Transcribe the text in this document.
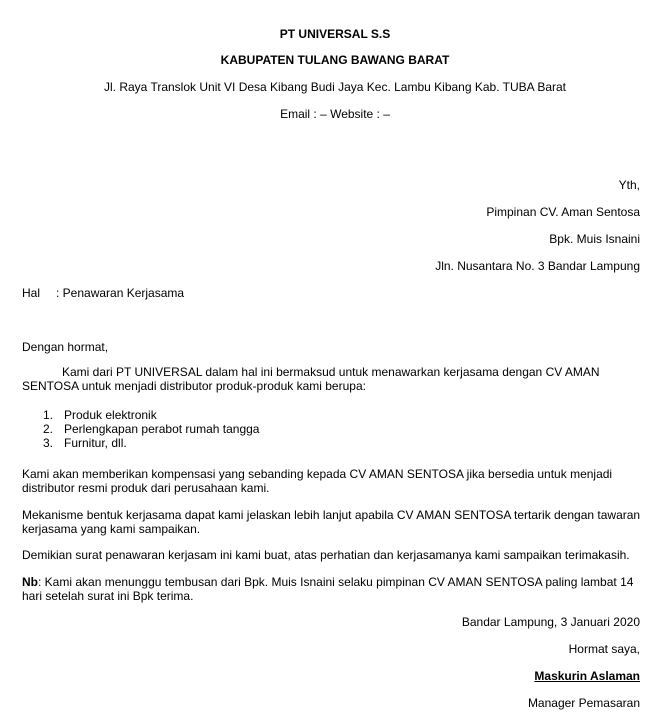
PT UNIVERSAL S.S
KABUPATEN TULANG BAWANG BARAT
Jl. Raya Translok Unit VI Desa Kibang Budi Jaya Kec. Lambu Kibang Kab. TUBA Barat
Email : – Website : –
Yth,
Pimpinan CV. Aman Sentosa
Bpk. Muis Isnaini
Jln. Nusantara No. 3 Bandar Lampung
Hal : Penawaran Kerjasama
Dengan hormat,
Kami dari PT UNIVERSAL dalam hal ini bermaksud untuk menawarkan kerjasama dengan CV AMAN
SENTOSA untuk menjadi distributor produk-produk kami berupa:
1. Produk elektronik
2. Perlengkapan perabot rumah tangga
3. Furnitur, dll.
Kami akan memberikan kompensasi yang sebanding kepada CV AMAN SENTOSA jika bersedia untuk menjadi distributor resmi produk dari perusahaan kami.
Mekanisme bentuk kerjasama dapat kami jelaskan lebih lanjut apabila CV AMAN SENTOSA tertarik dengan tawaran kerjasama yang kami sampaikan.
Demikian surat penawaran kerjasam ini kami buat, atas perhatian dan kerjasamanya kami sampaikan terimakasih.
Nb: Kami akan menunggu tembusan dari Bpk. Muis Isnaini selaku pimpinan CV AMAN SENTOSA paling lambat 14 hari setelah surat ini Bpk terima.
Bandar Lampung, 3 Januari 2020
Hormat saya,
Maskurin Aslaman
Manager Pemasaran
